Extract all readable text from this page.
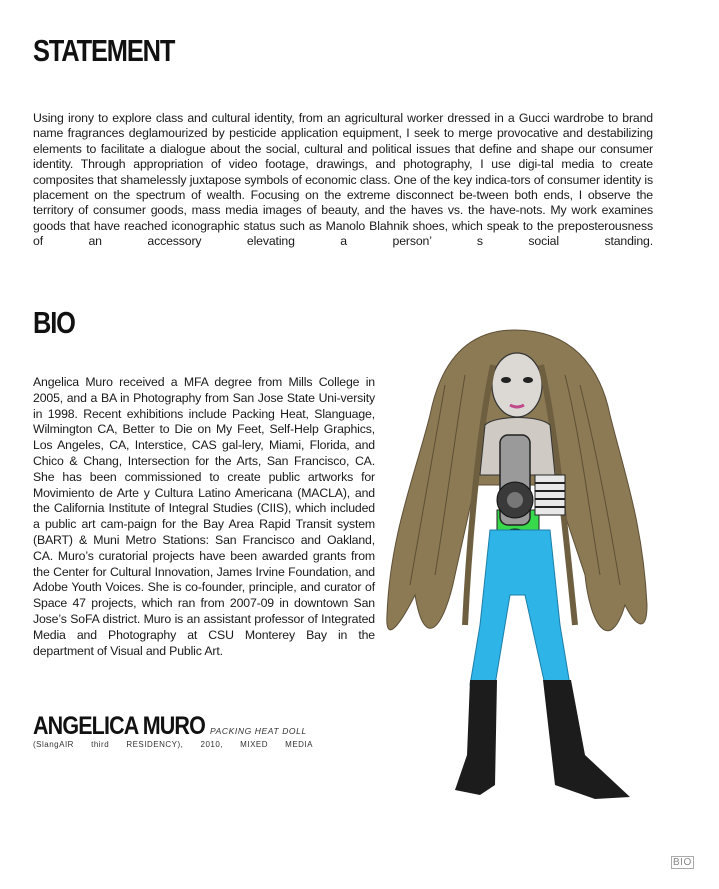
STATEMENT

Using irony to explore class and cultural identity, from an agricultural worker dressed in a Gucci wardrobe to brand name fragrances deglamourized by pesticide application equipment, I seek to merge provocative and destabilizing elements to facilitate a dialogue about the social, cultural and political issues that define and shape our consumer identity. Through appropriation of video footage, drawings, and photography, I use digi-tal media to create composites that shamelessly juxtapose symbols of economic class. One of the key indica-tors of consumer identity is placement on the spectrum of wealth. Focusing on the extreme disconnect be-tween both ends, I observe the territory of consumer goods, mass media images of beauty, and the haves vs. the have-nots. My work examines goods that have reached iconographic status such as Manolo Blahnik shoes, which speak to the preposterousness of an accessory elevating a person’ s social standing.

BIO

Angelica Muro received a MFA degree from Mills College in 2005, and a BA in Photography from San Jose State Uni-versity in 1998. Recent exhibitions include Packing Heat, Slanguage, Wilmington CA, Better to Die on My Feet, Self-Help Graphics, Los Angeles, CA, Interstice, CAS gal-lery, Miami, Florida, and Chico & Chang, Intersection for the Arts, San Francisco, CA. She has been commissioned to create public artworks for Movimiento de Arte y Cultura Latino Americana (MACLA), and the California Institute of Integral Studies (CIIS), which included a public art cam-paign for the Bay Area Rapid Transit system (BART) & Muni Metro Stations: San Francisco and Oakland, CA. Muro’s curatorial projects have been awarded grants from the Center for Cultural Innovation, James Irvine Foundation, and Adobe Youth Voices. She is co-founder, principle, and curator of Space 47 projects, which ran from 2007-09 in downtown San Jose’s SoFA district. Muro is an assistant professor of Integrated Media and Photography at CSU Monterey Bay in the department of Visual and Public Art.

ANGELICA MURO PACKING HEAT DOLL
(SlangAIR third RESIDENCY), 2010, MIXED MEDIA
BIO
